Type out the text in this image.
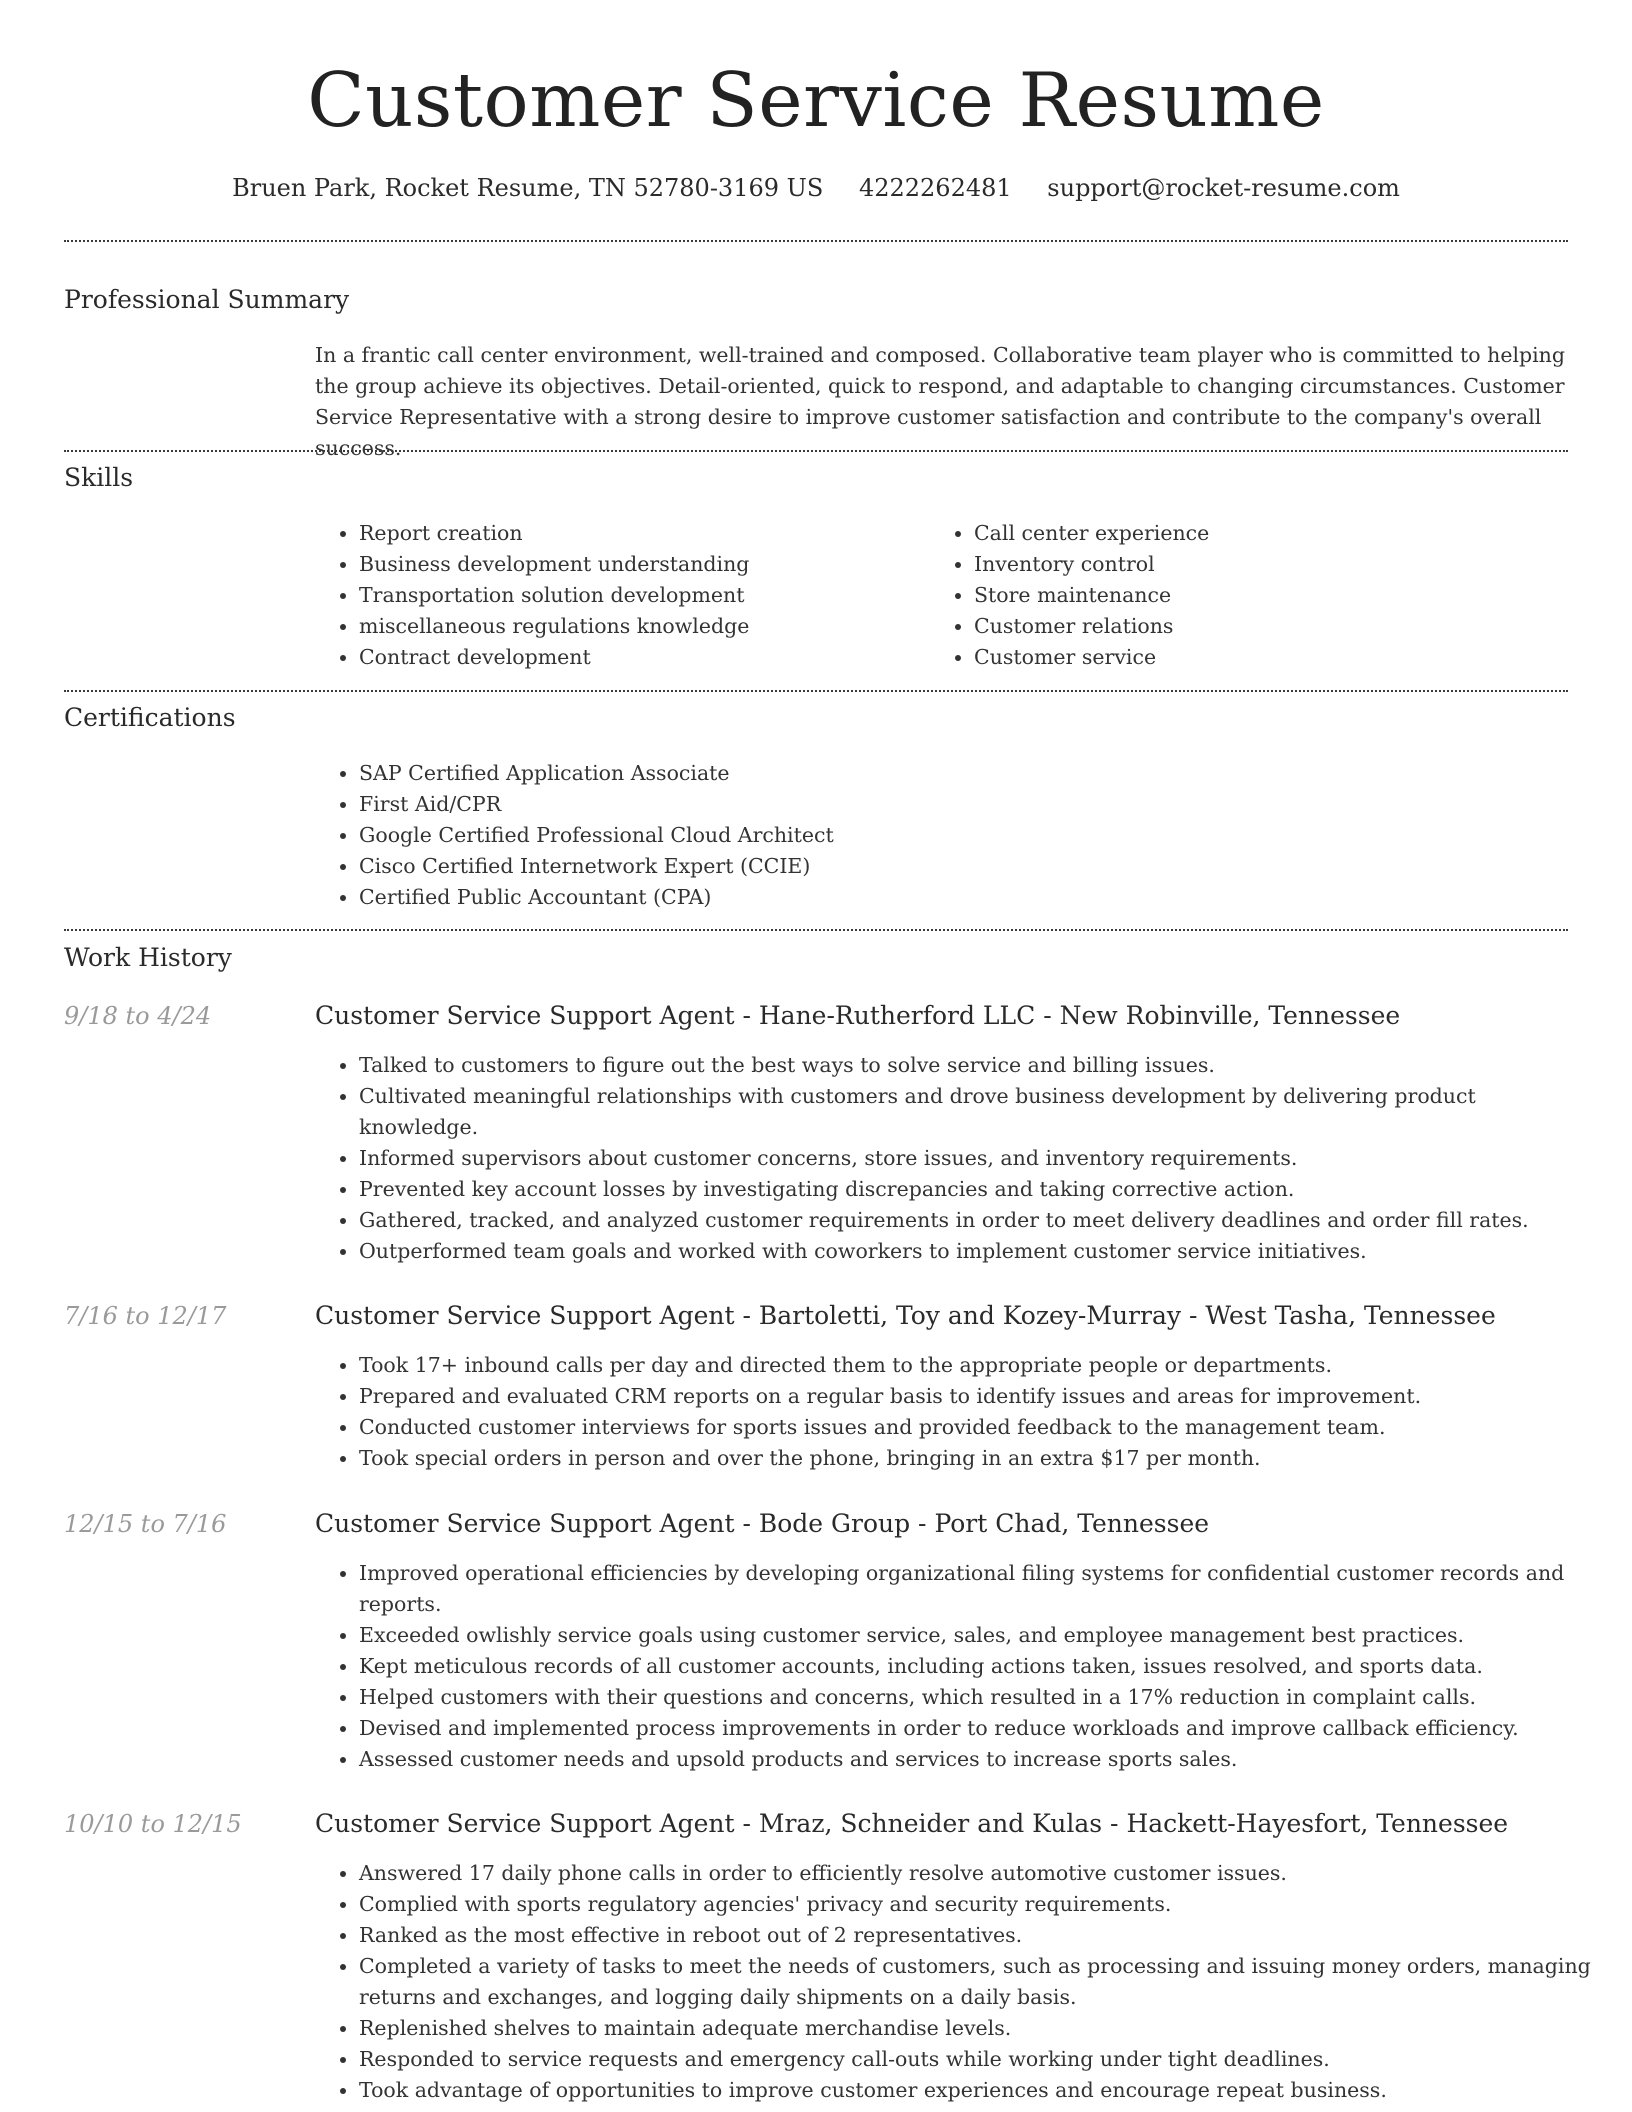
Customer Service Resume
Bruen Park, Rocket Resume, TN 52780-3169 US 4222262481 support@rocket-resume.com
Professional Summary
In a frantic call center environment, well-trained and composed. Collaborative team player who is committed to helping the group achieve its objectives. Detail-oriented, quick to respond, and adaptable to changing circumstances. Customer Service Representative with a strong desire to improve customer satisfaction and contribute to the company's overall success.
Skills
• Report creation
• Business development understanding
• Transportation solution development
• miscellaneous regulations knowledge
• Contract development
• Call center experience
• Inventory control
• Store maintenance
• Customer relations
• Customer service
Certifications
• SAP Certified Application Associate
• First Aid/CPR
• Google Certified Professional Cloud Architect
• Cisco Certified Internetwork Expert (CCIE)
• Certified Public Accountant (CPA)
Work History
9/18 to 4/24	Customer Service Support Agent - Hane-Rutherford LLC - New Robinville, Tennessee
• Talked to customers to figure out the best ways to solve service and billing issues.
• Cultivated meaningful relationships with customers and drove business development by delivering product knowledge.
• Informed supervisors about customer concerns, store issues, and inventory requirements.
• Prevented key account losses by investigating discrepancies and taking corrective action.
• Gathered, tracked, and analyzed customer requirements in order to meet delivery deadlines and order fill rates.
• Outperformed team goals and worked with coworkers to implement customer service initiatives.
7/16 to 12/17	Customer Service Support Agent - Bartoletti, Toy and Kozey-Murray - West Tasha, Tennessee
• Took 17+ inbound calls per day and directed them to the appropriate people or departments.
• Prepared and evaluated CRM reports on a regular basis to identify issues and areas for improvement.
• Conducted customer interviews for sports issues and provided feedback to the management team.
• Took special orders in person and over the phone, bringing in an extra $17 per month.
12/15 to 7/16	Customer Service Support Agent - Bode Group - Port Chad, Tennessee
• Improved operational efficiencies by developing organizational filing systems for confidential customer records and reports.
• Exceeded owlishly service goals using customer service, sales, and employee management best practices.
• Kept meticulous records of all customer accounts, including actions taken, issues resolved, and sports data.
• Helped customers with their questions and concerns, which resulted in a 17% reduction in complaint calls.
• Devised and implemented process improvements in order to reduce workloads and improve callback efficiency.
• Assessed customer needs and upsold products and services to increase sports sales.
10/10 to 12/15	Customer Service Support Agent - Mraz, Schneider and Kulas - Hackett-Hayesfort, Tennessee
• Answered 17 daily phone calls in order to efficiently resolve automotive customer issues.
• Complied with sports regulatory agencies' privacy and security requirements.
• Ranked as the most effective in reboot out of 2 representatives.
• Completed a variety of tasks to meet the needs of customers, such as processing and issuing money orders, managing returns and exchanges, and logging daily shipments on a daily basis.
• Replenished shelves to maintain adequate merchandise levels.
• Responded to service requests and emergency call-outs while working under tight deadlines.
• Took advantage of opportunities to improve customer experiences and encourage repeat business.
